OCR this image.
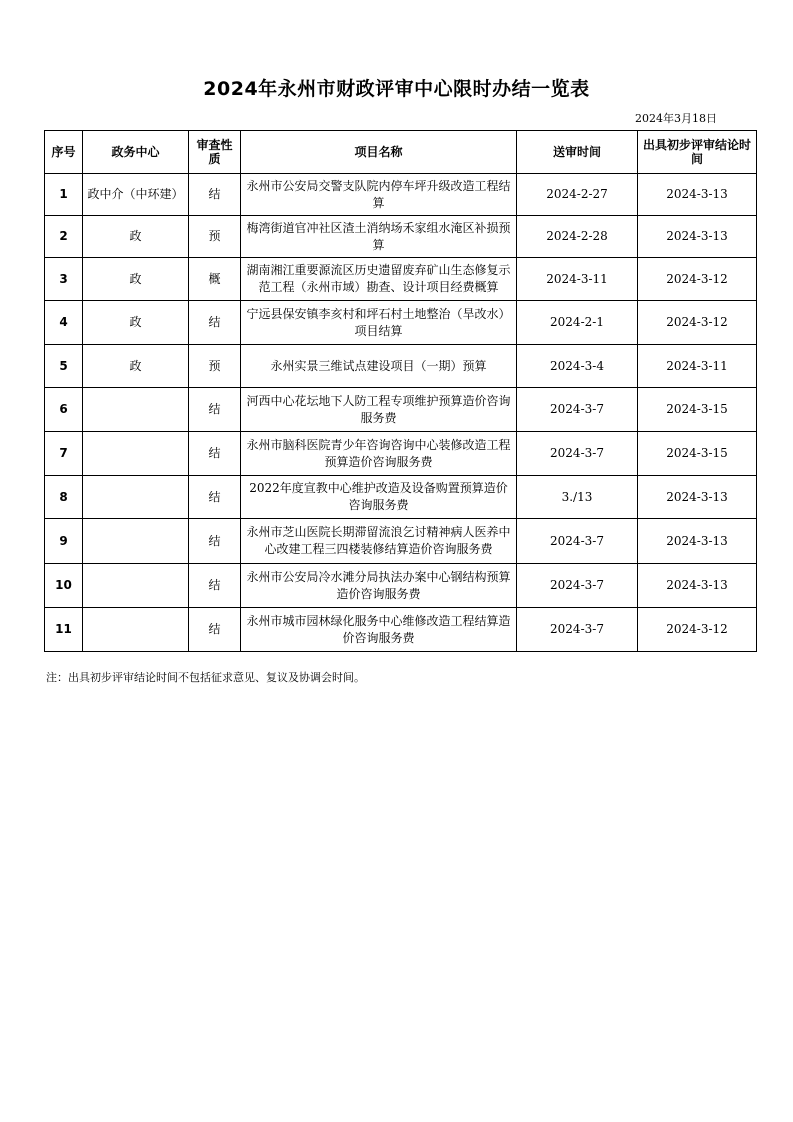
2024年永州市财政评审中心限时办结一览表
2024年3月18日
序号	政务中心	审查性质	项目名称	送审时间	出具初步评审结论时间
1	政中介（中环建）	结	永州市公安局交警支队院内停车坪升级改造工程结算	2024-2-27	2024-3-13
2	政	预	梅湾街道官冲社区渣土消纳场禾家组水淹区补损预算	2024-2-28	2024-3-13
3	政	概	湖南湘江重要源流区历史遗留废弃矿山生态修复示范工程（永州市域）勘查、设计项目经费概算	2024-3-11	2024-3-12
4	政	结	宁远县保安镇李亥村和坪石村土地整治（旱改水）项目结算	2024-2-1	2024-3-12
5	政	预	永州实景三维试点建设项目（一期）预算	2024-3-4	2024-3-11
6		结	河西中心花坛地下人防工程专项维护预算造价咨询服务费	2024-3-7	2024-3-15
7		结	永州市脑科医院青少年咨询咨询中心装修改造工程预算造价咨询服务费	2024-3-7	2024-3-15
8		结	2022年度宣教中心维护改造及设备购置预算造价咨询服务费	3./13	2024-3-13
9		结	永州市芝山医院长期滞留流浪乞讨精神病人医养中心改建工程三四楼装修结算造价咨询服务费	2024-3-7	2024-3-13
10		结	永州市公安局冷水滩分局执法办案中心钢结构预算造价咨询服务费	2024-3-7	2024-3-13
11		结	永州市城市园林绿化服务中心维修改造工程结算造价咨询服务费	2024-3-7	2024-3-12
注：出具初步评审结论时间不包括征求意见、复议及协调会时间。
